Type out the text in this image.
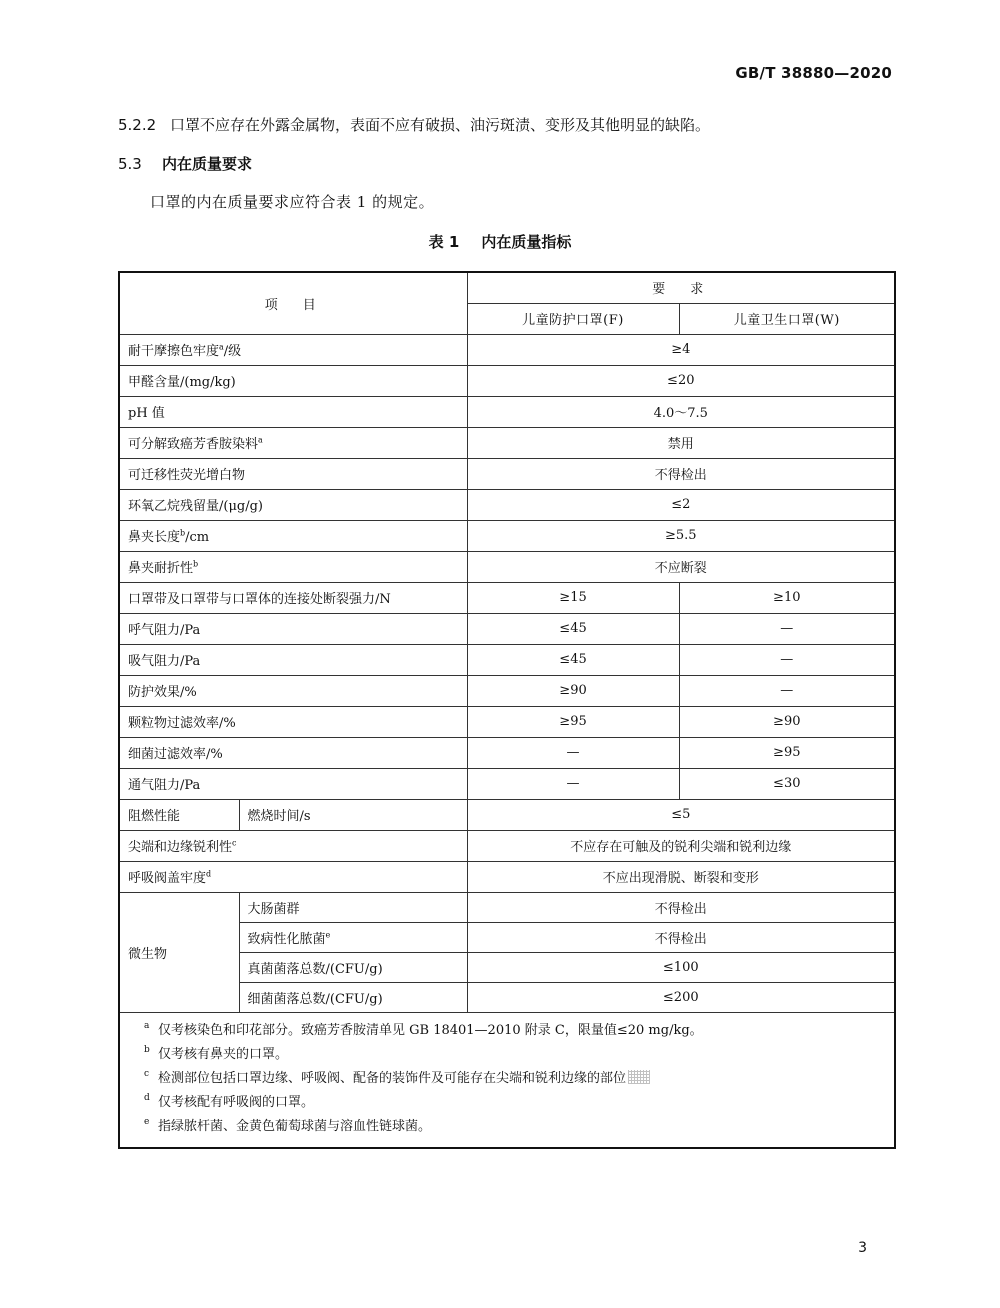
GB/T 38880—2020
5.2.2 口罩不应存在外露金属物，表面不应有破损、油污斑渍、变形及其他明显的缺陷。
5.3 内在质量要求
口罩的内在质量要求应符合表 1 的规定。
表 1 内在质量指标
项　目		要　求	
		儿童防护口罩(F)	儿童卫生口罩(W)
耐干摩擦色牢度$^a$/级		≥4	
甲醛含量/(mg/kg)		≤20	
pH 值		4.0～7.5	
可分解致癌芳香胺染料$^a$		禁用	
可迁移性荧光增白物		不得检出	
环氧乙烷残留量/(μg/g)		≤2	
鼻夹长度$^b$/cm		≥5.5	
鼻夹耐折性$^b$		不应断裂	
口罩带及口罩带与口罩体的连接处断裂强力/N		≥15	≥10
呼气阻力/Pa		≤45	—
吸气阻力/Pa		≤45	—
防护效果/%		≥90	—
颗粒物过滤效率/%		≥95	≥90
细菌过滤效率/%		—	≥95
通气阻力/Pa		—	≤30
阻燃性能	燃烧时间/s	≤5	
尖端和边缘锐利性$^c$		不应存在可触及的锐利尖端和锐利边缘	
呼吸阀盖牢度$^d$		不应出现滑脱、断裂和变形	
微生物	大肠菌群	不得检出	
	致病性化脓菌$^e$	不得检出	
	真菌菌落总数/(CFU/g)	≤100	
	细菌菌落总数/(CFU/g)	≤200	

a 仅考核染色和印花部分。致癌芳香胺清单见 GB 18401—2010 附录 C，限量值≤20 mg/kg。
b 仅考核有鼻夹的口罩。
c 检测部位包括口罩边缘、呼吸阀、配备的装饰件及可能存在尖端和锐利边缘的部位
d 仅考核配有呼吸阀的口罩。
e 指绿脓杆菌、金黄色葡萄球菌与溶血性链球菌。			
3
